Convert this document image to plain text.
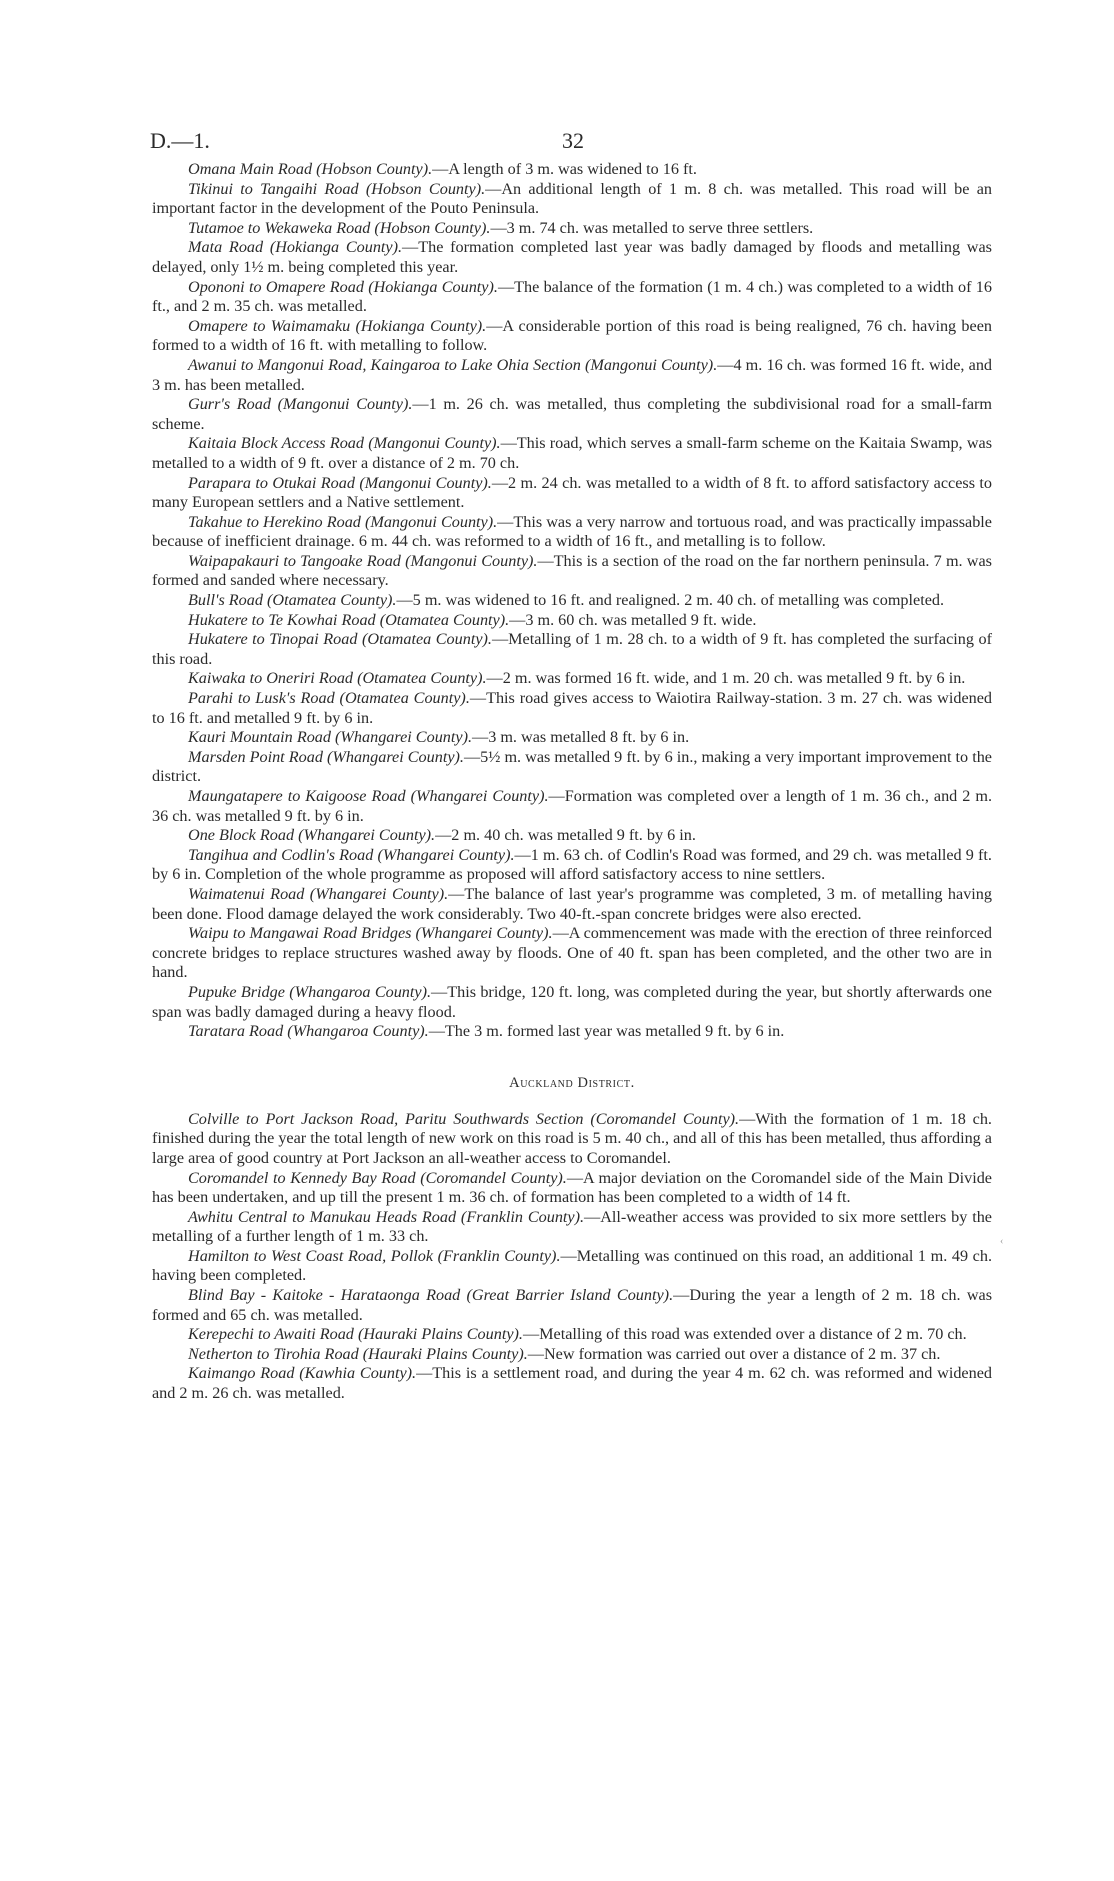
D.—1.	32

Omana Main Road (Hobson County).—A length of 3 m. was widened to 16 ft.

Tikinui to Tangaihi Road (Hobson County).—An additional length of 1 m. 8 ch. was metalled. This road will be an important factor in the development of the Pouto Peninsula.

Tutamoe to Wekaweka Road (Hobson County).—3 m. 74 ch. was metalled to serve three settlers.

Mata Road (Hokianga County).—The formation completed last year was badly damaged by floods and metalling was delayed, only 1½ m. being completed this year.

Opononi to Omapere Road (Hokianga County).—The balance of the formation (1 m. 4 ch.) was completed to a width of 16 ft., and 2 m. 35 ch. was metalled.

Omapere to Waimamaku (Hokianga County).—A considerable portion of this road is being realigned, 76 ch. having been formed to a width of 16 ft. with metalling to follow.

Awanui to Mangonui Road, Kaingaroa to Lake Ohia Section (Mangonui County).—4 m. 16 ch. was formed 16 ft. wide, and 3 m. has been metalled.

Gurr's Road (Mangonui County).—1 m. 26 ch. was metalled, thus completing the subdivisional road for a small-farm scheme.

Kaitaia Block Access Road (Mangonui County).—This road, which serves a small-farm scheme on the Kaitaia Swamp, was metalled to a width of 9 ft. over a distance of 2 m. 70 ch.

Parapara to Otukai Road (Mangonui County).—2 m. 24 ch. was metalled to a width of 8 ft. to afford satisfactory access to many European settlers and a Native settlement.

Takahue to Herekino Road (Mangonui County).—This was a very narrow and tortuous road, and was practically impassable because of inefficient drainage. 6 m. 44 ch. was reformed to a width of 16 ft., and metalling is to follow.

Waipapakauri to Tangoake Road (Mangonui County).—This is a section of the road on the far northern peninsula. 7 m. was formed and sanded where necessary.

Bull's Road (Otamatea County).—5 m. was widened to 16 ft. and realigned. 2 m. 40 ch. of metalling was completed.

Hukatere to Te Kowhai Road (Otamatea County).—3 m. 60 ch. was metalled 9 ft. wide.

Hukatere to Tinopai Road (Otamatea County).—Metalling of 1 m. 28 ch. to a width of 9 ft. has completed the surfacing of this road.

Kaiwaka to Oneriri Road (Otamatea County).—2 m. was formed 16 ft. wide, and 1 m. 20 ch. was metalled 9 ft. by 6 in.

Parahi to Lusk's Road (Otamatea County).—This road gives access to Waiotira Railway-station. 3 m. 27 ch. was widened to 16 ft. and metalled 9 ft. by 6 in.

Kauri Mountain Road (Whangarei County).—3 m. was metalled 8 ft. by 6 in.

Marsden Point Road (Whangarei County).—5½ m. was metalled 9 ft. by 6 in., making a very important improvement to the district.

Maungatapere to Kaigoose Road (Whangarei County).—Formation was completed over a length of 1 m. 36 ch., and 2 m. 36 ch. was metalled 9 ft. by 6 in.

One Block Road (Whangarei County).—2 m. 40 ch. was metalled 9 ft. by 6 in.

Tangihua and Codlin's Road (Whangarei County).—1 m. 63 ch. of Codlin's Road was formed, and 29 ch. was metalled 9 ft. by 6 in. Completion of the whole programme as proposed will afford satisfactory access to nine settlers.

Waimatenui Road (Whangarei County).—The balance of last year's programme was completed, 3 m. of metalling having been done. Flood damage delayed the work considerably. Two 40-ft.-span concrete bridges were also erected.

Waipu to Mangawai Road Bridges (Whangarei County).—A commencement was made with the erection of three reinforced concrete bridges to replace structures washed away by floods. One of 40 ft. span has been completed, and the other two are in hand.

Pupuke Bridge (Whangaroa County).—This bridge, 120 ft. long, was completed during the year, but shortly afterwards one span was badly damaged during a heavy flood.

Taratara Road (Whangaroa County).—The 3 m. formed last year was metalled 9 ft. by 6 in.

Auckland District.

Colville to Port Jackson Road, Paritu Southwards Section (Coromandel County).—With the formation of 1 m. 18 ch. finished during the year the total length of new work on this road is 5 m. 40 ch., and all of this has been metalled, thus affording a large area of good country at Port Jackson an all-weather access to Coromandel.

Coromandel to Kennedy Bay Road (Coromandel County).—A major deviation on the Coromandel side of the Main Divide has been undertaken, and up till the present 1 m. 36 ch. of formation has been completed to a width of 14 ft.

Awhitu Central to Manukau Heads Road (Franklin County).—All-weather access was provided to six more settlers by the metalling of a further length of 1 m. 33 ch.

Hamilton to West Coast Road, Pollok (Franklin County).—Metalling was continued on this road, an additional 1 m. 49 ch. having been completed.

Blind Bay - Kaitoke - Harataonga Road (Great Barrier Island County).—During the year a length of 2 m. 18 ch. was formed and 65 ch. was metalled.

Kerepechi to Awaiti Road (Hauraki Plains County).—Metalling of this road was extended over a distance of 2 m. 70 ch.

Netherton to Tirohia Road (Hauraki Plains County).—New formation was carried out over a distance of 2 m. 37 ch.

Kaimango Road (Kawhia County).—This is a settlement road, and during the year 4 m. 62 ch. was reformed and widened and 2 m. 26 ch. was metalled.

‹
